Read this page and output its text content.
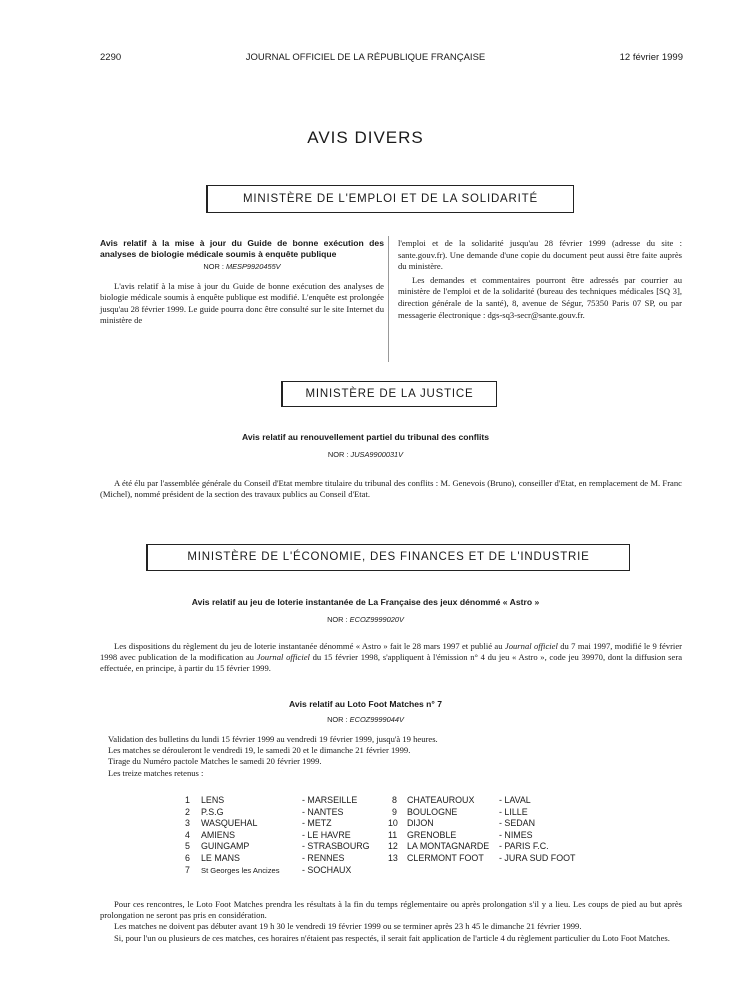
2290	JOURNAL OFFICIEL DE LA RÉPUBLIQUE FRANÇAISE	12 février 1999
AVIS DIVERS
MINISTÈRE DE L'EMPLOI ET DE LA SOLIDARITÉ

Avis relatif à la mise à jour du Guide de bonne exécution des analyses de biologie médicale soumis à enquête publique

NOR : MESP9920455V

L'avis relatif à la mise à jour du Guide de bonne exécution des analyses de biologie médicale soumis à enquête publique est modifié. L'enquête est prolongée jusqu'au 28 février 1999. Le guide pourra donc être consulté sur le site Internet du ministère de

l'emploi et de la solidarité jusqu'au 28 février 1999 (adresse du site : sante.gouv.fr). Une demande d'une copie du document peut aussi être faite auprès du ministère.

Les demandes et commentaires pourront être adressés par courrier au ministère de l'emploi et de la solidarité (bureau des techniques médicales [SQ 3], direction générale de la santé), 8, avenue de Ségur, 75350 Paris 07 SP, ou par messagerie électronique : dgs-sq3-secr@sante.gouv.fr.

MINISTÈRE DE LA JUSTICE
Avis relatif au renouvellement partiel du tribunal des conflits
NOR : JUSA9900031V

A été élu par l'assemblée générale du Conseil d'Etat membre titulaire du tribunal des conflits : M. Genevois (Bruno), conseiller d'Etat, en remplacement de M. Franc (Michel), nommé président de la section des travaux publics au Conseil d'Etat.

MINISTÈRE DE L'ÉCONOMIE, DES FINANCES ET DE L'INDUSTRIE
Avis relatif au jeu de loterie instantanée de La Française des jeux dénommé « Astro »
NOR : ECOZ9999020V

Les dispositions du règlement du jeu de loterie instantanée dénommé « Astro » fait le 28 mars 1997 et publié au Journal officiel du 7 mai 1997, modifié le 9 février 1998 avec publication de la modification au Journal officiel du 15 février 1998, s'appliquent à l'émission n° 4 du jeu « Astro », code jeu 39970, dont la diffusion sera effectuée, en principe, à partir du 15 février 1999.

Avis relatif au Loto Foot Matches n° 7
NOR : ECOZ9999044V
Validation des bulletins du lundi 15 février 1999 au vendredi 19 février 1999, jusqu'à 19 heures.
Les matches se dérouleront le vendredi 19, le samedi 20 et le dimanche 21 février 1999.
Tirage du Numéro pactole Matches le samedi 20 février 1999.
Les treize matches retenus :
1 LENS	- MARSEILLE	8 CHATEAUROUX	- LAVAL
2 P.S.G	- NANTES	9 BOULOGNE	- LILLE
3 WASQUEHAL	- METZ	10 DIJON	- SEDAN
4 AMIENS	- LE HAVRE	11 GRENOBLE	- NIMES
5 GUINGAMP	- STRASBOURG 12 LA MONTAGNARDE - PARIS F.C.
6 LE MANS	- RENNES	13 CLERMONT FOOT - JURA SUD FOOT
7 St Georges les Ancizes	- SOCHAUX

Pour ces rencontres, le Loto Foot Matches prendra les résultats à la fin du temps réglementaire ou après prolongation s'il y a lieu. Les coups de pied au but après prolongation ne seront pas pris en considération.

Les matches ne doivent pas débuter avant 19 h 30 le vendredi 19 février 1999 ou se terminer après 23 h 45 le dimanche 21 février 1999.

Si, pour l'un ou plusieurs de ces matches, ces horaires n'étaient pas respectés, il serait fait application de l'article 4 du règlement particulier du Loto Foot Matches.
